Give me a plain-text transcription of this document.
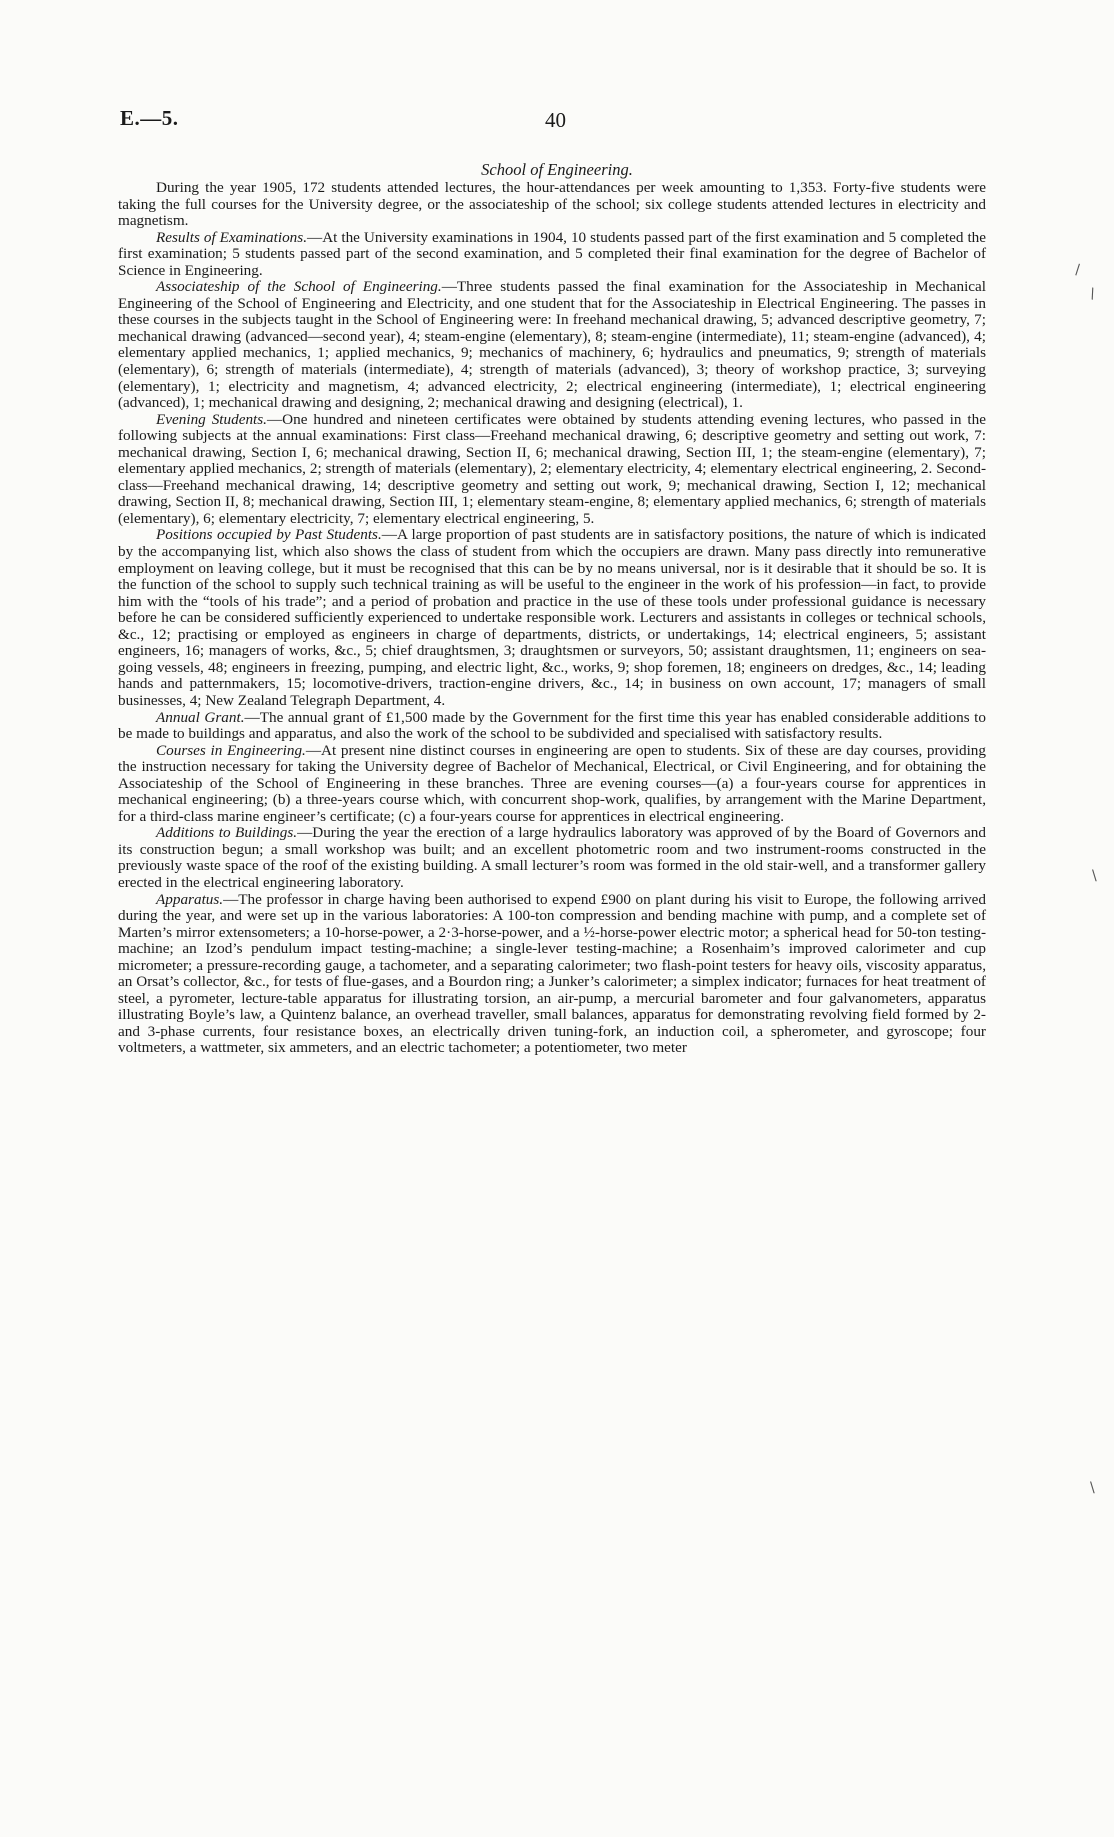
E.—5.	40
School of Engineering.

During the year 1905, 172 students attended lectures, the hour-attendances per week amounting to 1,353. Forty-five students were taking the full courses for the University degree, or the associateship of the school; six college students attended lectures in electricity and magnetism.

Results of Examinations.—At the University examinations in 1904, 10 students passed part of the first examination and 5 completed the first examination; 5 students passed part of the second examination, and 5 completed their final examination for the degree of Bachelor of Science in Engineering.

Associateship of the School of Engineering.—Three students passed the final examination for the Associateship in Mechanical Engineering of the School of Engineering and Electricity, and one student that for the Associateship in Electrical Engineering. The passes in these courses in the subjects taught in the School of Engineering were: In freehand mechanical drawing, 5; advanced descriptive geometry, 7; mechanical drawing (advanced—second year), 4; steam-engine (elementary), 8; steam-engine (intermediate), 11; steam-engine (advanced), 4; elementary applied mechanics, 1; applied mechanics, 9; mechanics of machinery, 6; hydraulics and pneumatics, 9; strength of materials (elementary), 6; strength of materials (intermediate), 4; strength of materials (advanced), 3; theory of workshop practice, 3; surveying (elementary), 1; electricity and magnetism, 4; advanced electricity, 2; electrical engineering (intermediate), 1; electrical engineering (advanced), 1; mechanical drawing and designing, 2; mechanical drawing and designing (electrical), 1.

Evening Students.—One hundred and nineteen certificates were obtained by students attending evening lectures, who passed in the following subjects at the annual examinations: First class—Freehand mechanical drawing, 6; descriptive geometry and setting out work, 7: mechanical drawing, Section I, 6; mechanical drawing, Section II, 6; mechanical drawing, Section III, 1; the steam-engine (elementary), 7; elementary applied mechanics, 2; strength of materials (elementary), 2; elementary electricity, 4; elementary electrical engineering, 2. Second-class—Freehand mechanical drawing, 14; descriptive geometry and setting out work, 9; mechanical drawing, Section I, 12; mechanical drawing, Section II, 8; mechanical drawing, Section III, 1; elementary steam-engine, 8; elementary applied mechanics, 6; strength of materials (elementary), 6; elementary electricity, 7; elementary electrical engineering, 5.

Positions occupied by Past Students.—A large proportion of past students are in satisfactory positions, the nature of which is indicated by the accompanying list, which also shows the class of student from which the occupiers are drawn. Many pass directly into remunerative employment on leaving college, but it must be recognised that this can be by no means universal, nor is it desirable that it should be so. It is the function of the school to supply such technical training as will be useful to the engineer in the work of his profession—in fact, to provide him with the “tools of his trade”; and a period of probation and practice in the use of these tools under professional guidance is necessary before he can be considered sufficiently experienced to undertake responsible work. Lecturers and assistants in colleges or technical schools, &c., 12; practising or employed as engineers in charge of departments, districts, or undertakings, 14; electrical engineers, 5; assistant engineers, 16; managers of works, &c., 5; chief draughtsmen, 3; draughtsmen or surveyors, 50; assistant draughtsmen, 11; engineers on sea-going vessels, 48; engineers in freezing, pumping, and electric light, &c., works, 9; shop foremen, 18; engineers on dredges, &c., 14; leading hands and patternmakers, 15; locomotive-drivers, traction-engine drivers, &c., 14; in business on own account, 17; managers of small businesses, 4; New Zealand Telegraph Department, 4.

Annual Grant.—The annual grant of £1,500 made by the Government for the first time this year has enabled considerable additions to be made to buildings and apparatus, and also the work of the school to be subdivided and specialised with satisfactory results.

Courses in Engineering.—At present nine distinct courses in engineering are open to students. Six of these are day courses, providing the instruction necessary for taking the University degree of Bachelor of Mechanical, Electrical, or Civil Engineering, and for obtaining the Associateship of the School of Engineering in these branches. Three are evening courses—(a) a four-years course for apprentices in mechanical engineering; (b) a three-years course which, with concurrent shop-work, qualifies, by arrangement with the Marine Department, for a third-class marine engineer’s certificate; (c) a four-years course for apprentices in electrical engineering.

Additions to Buildings.—During the year the erection of a large hydraulics laboratory was approved of by the Board of Governors and its construction begun; a small workshop was built; and an excellent photometric room and two instrument-rooms constructed in the previously waste space of the roof of the existing building. A small lecturer’s room was formed in the old stair-well, and a transformer gallery erected in the electrical engineering laboratory.

Apparatus.—The professor in charge having been authorised to expend £900 on plant during his visit to Europe, the following arrived during the year, and were set up in the various laboratories: A 100-ton compression and bending machine with pump, and a complete set of Marten’s mirror extensometers; a 10-horse-power, a 2·3-horse-power, and a ½-horse-power electric motor; a spherical head for 50-ton testing-machine; an Izod’s pendulum impact testing-machine; a single-lever testing-machine; a Rosenhaim’s improved calorimeter and cup micrometer; a pressure-recording gauge, a tachometer, and a separating calorimeter; two flash-point testers for heavy oils, viscosity apparatus, an Orsat’s collector, &c., for tests of flue-gases, and a Bourdon ring; a Junker’s calorimeter; a simplex indicator; furnaces for heat treatment of steel, a pyrometer, lecture-table apparatus for illustrating torsion, an air-pump, a mercurial barometer and four galvanometers, apparatus illustrating Boyle’s law, a Quintenz balance, an overhead traveller, small balances, apparatus for demonstrating revolving field formed by 2- and 3-phase currents, four resistance boxes, an electrically driven tuning-fork, an induction coil, a spherometer, and gyroscope; four voltmeters, a wattmeter, six ammeters, and an electric tachometer; a potentiometer, two meter

\
\
\
\
